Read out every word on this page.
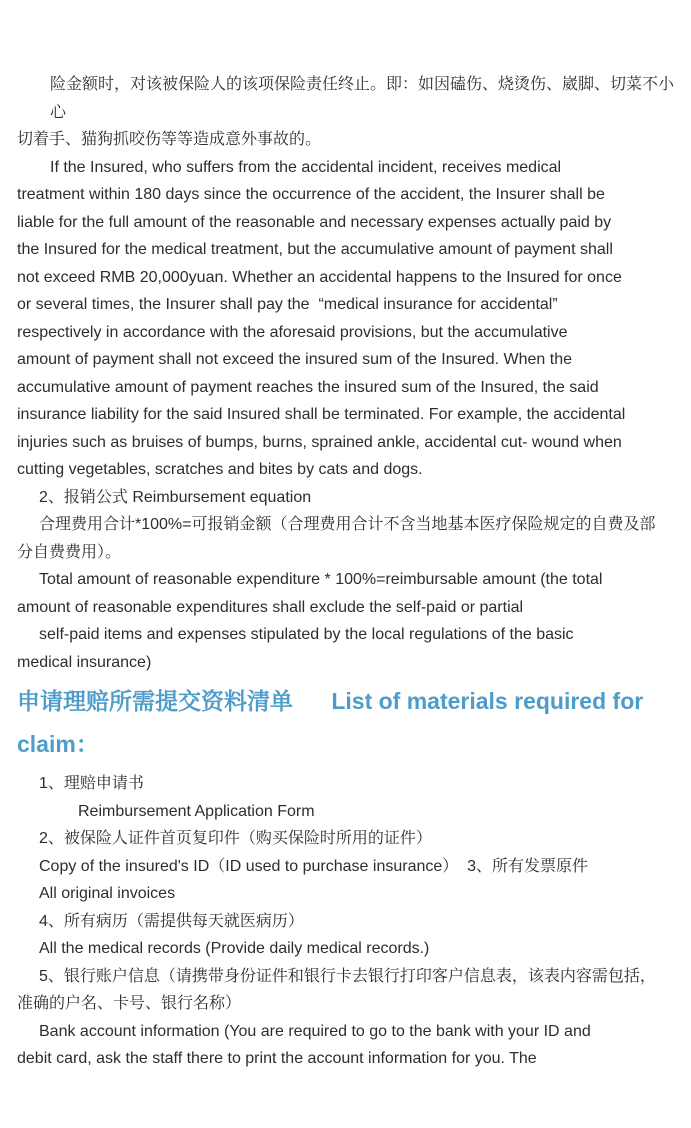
险金额时，对该被保险人的该项保险责任终止。即：如因磕伤、烧烫伤、崴脚、切菜不小心
切着手、猫狗抓咬伤等等造成意外事故的。
If the Insured, who suffers from the accidental incident, receives medical
treatment within 180 days since the occurrence of the accident, the Insurer shall be
liable for the full amount of the reasonable and necessary expenses actually paid by
the Insured for the medical treatment, but the accumulative amount of payment shall
not exceed RMB 20,000yuan. Whether an accidental happens to the Insured for once
or several times, the Insurer shall pay the  “medical insurance for accidental”
respectively in accordance with the aforesaid provisions, but the accumulative
amount of payment shall not exceed the insured sum of the Insured. When the
accumulative amount of payment reaches the insured sum of the Insured, the said
insurance liability for the said Insured shall be terminated. For example, the accidental
injuries such as bruises of bumps, burns, sprained ankle, accidental cut- wound when
cutting vegetables, scratches and bites by cats and dogs.
2、报销公式 Reimbursement equation
合理费用合计*100%=可报销金额（合理费用合计不含当地基本医疗保险规定的自费及部
分自费费用）。
Total amount of reasonable expenditure * 100%=reimbursable amount (the total
amount of reasonable expenditures shall exclude the self-paid or partial
self-paid items and expenses stipulated by the local regulations of the basic
medical insurance)
申请理赔所需提交资料清单      List of materials required for
claim：
1、理赔申请书
Reimbursement Application Form
2、被保险人证件首页复印件（购买保险时所用的证件）
Copy of the insured's ID（ID used to purchase insurance）  3、所有发票原件
All original invoices
4、所有病历（需提供每天就医病历）
All the medical records (Provide daily medical records.)
5、银行账户信息（请携带身份证件和银行卡去银行打印客户信息表，该表内容需包括，
准确的户名、卡号、银行名称）
Bank account information (You are required to go to the bank with your ID and
debit card, ask the staff there to print the account information for you. The
